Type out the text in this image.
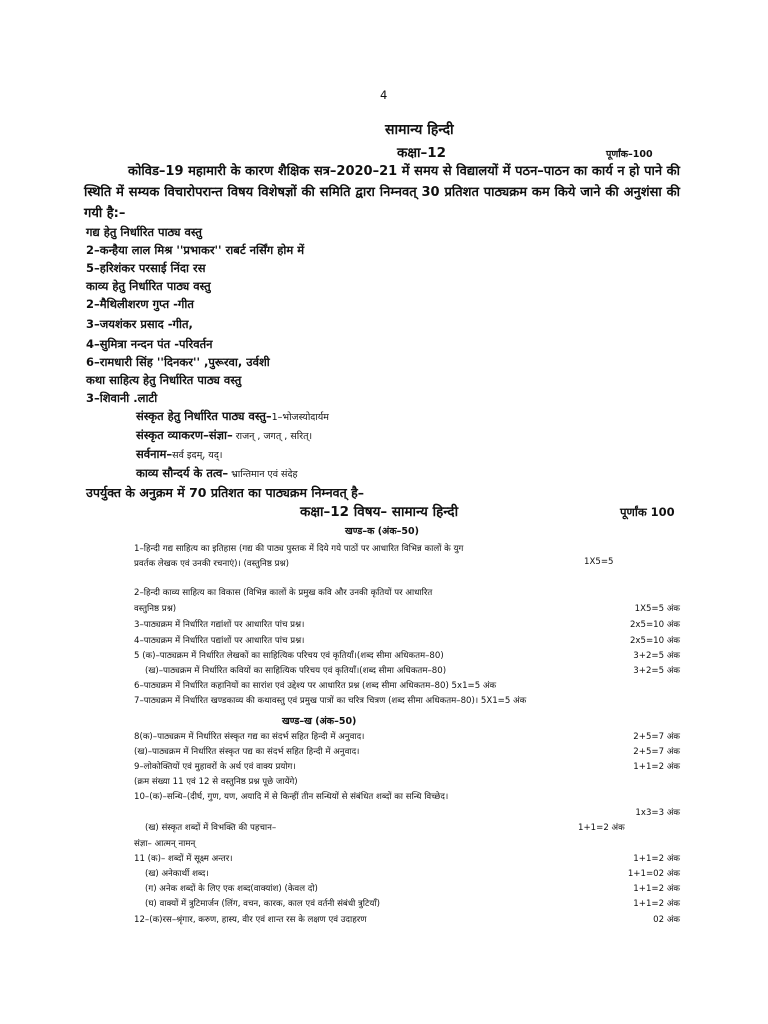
4
सामान्य हिन्दी
कक्षा–12	पूर्णांक–100
कोविड–19 महामारी के कारण शैक्षिक सत्र–2020–21 में समय से विद्यालयों में पठन–पाठन का कार्य न हो पाने की स्थिति में सम्यक विचारोपरान्त विषय विशेषज्ञों की समिति द्वारा निम्नवत् 30 प्रतिशत पाठ्यक्रम कम किये जाने की अनुशंसा की गयी है:–
गद्य हेतु निर्धारित पाठ्य वस्तु
2–कन्हैया लाल मिश्र ''प्रभाकर'' राबर्ट नर्सिंग होम में
5–हरिशंकर परसाई निंदा रस
काव्य हेतु निर्धारित पाठ्य वस्तु
2–मैथिलीशरण गुप्त -गीत
3–जयशंकर प्रसाद -गीत,
4–सुमित्रा नन्दन पंत -परिवर्तन
6–रामधारी सिंह ''दिनकर'' ,पुरूरवा, उर्वशी
कथा साहित्य हेतु निर्धारित पाठ्य वस्तु
3–शिवानी .लाटी
संस्कृत हेतु निर्धारित पाठ्य वस्तु–1–भोजस्योदार्यम
संस्कृत व्याकरण–संज्ञा– राजन् , जगत् , सरित्।
सर्वनाम–सर्व इदम्, यद्।
काव्य सौन्दर्य के तत्व– भ्रान्तिमान एवं संदेह
उपर्युक्त के अनुक्रम में 70 प्रतिशत का पाठ्यक्रम निम्नवत् है–
कक्षा–12 विषय– सामान्य हिन्दी	पूर्णांक 100
खण्ड–क (अंक–50)
1–हिन्दी गद्य साहित्य का इतिहास (गद्य की पाठ्य पुस्तक में दिये गये पाठों पर आधारित विभिन्न कालों के युग
प्रवर्तक लेखक एवं उनकी रचनाएं)। (वस्तुनिष्ठ प्रश्न)	1X5=5
2–हिन्दी काव्य साहित्य का विकास (विभिन्न कालों के प्रमुख कवि और उनकी कृतियों पर आधारित
वस्तुनिष्ठ प्रश्न)	1X5=5 अंक
3–पाठ्यक्रम में निर्धारित गद्यांशों पर आधारित पांच प्रश्न।	2x5=10 अंक
4–पाठ्यक्रम में निर्धारित पद्यांशों पर आधारित पांच प्रश्न।	2x5=10 अंक
5 (क)–पाठ्यक्रम में निर्धारित लेखकों का साहित्यिक परिचय एवं कृतियाँ।(शब्द सीमा अधिकतम–80)	3+2=5 अंक
(ख)–पाठ्यक्रम में निर्धारित कवियों का साहित्यिक परिचय एवं कृतियाँ।(शब्द सीमा अधिकतम–80)	3+2=5 अंक
6–पाठ्यक्रम में निर्धारित कहानियों का सारांश एवं उद्देश्य पर आधारित प्रश्न (शब्द सीमा अधिकतम–80) 5x1=5 अंक
7–पाठ्यक्रम में निर्धारित खण्डकाव्य की कथावस्तु एवं प्रमुख पात्रों का चरित्र चित्रण (शब्द सीमा अधिकतम–80)। 5X1=5 अंक
खण्ड–ख (अंक–50)
8(क)–पाठ्यक्रम में निर्धारित संस्कृत गद्य का संदर्भ सहित हिन्दी में अनुवाद।	2+5=7 अंक
(ख)–पाठ्यक्रम में निर्धारित संस्कृत पद्य का संदर्भ सहित हिन्दी में अनुवाद।	2+5=7 अंक
9–लोकोक्तियों एवं मुहावरों के अर्थ एवं वाक्य प्रयोग।	1+1=2 अंक
(क्रम संख्या 11 एवं 12 से वस्तुनिष्ठ प्रश्न पूछे जायेंगे)
10–(क)–सन्धि–(दीर्घ, गुण, यण, अयादि में से किन्हीं तीन सन्धियों से संबंधित शब्दों का सन्धि विच्छेद।
1x3=3 अंक
(ख) संस्कृत शब्दों में विभक्ति की पहचान–	1+1=2 अंक
संज्ञा– आत्मन् नामन्
11 (क)– शब्दों में सूक्ष्म अन्तर।	1+1=2 अंक
(ख) अनेकार्थी शब्द।	1+1=02 अंक
(ग) अनेक शब्दों के लिए एक शब्द(वाक्यांश) (केवल दो)	1+1=2 अंक
(घ) वाक्यों में त्रुटिमार्जन (लिंग, वचन, कारक, काल एवं वर्तनी संबंधी त्रुटियाँ)	1+1=2 अंक
12–(क)रस–श्रृंगार, करुण, हास्य, वीर एवं शान्त रस के लक्षण एवं उदाहरण	02 अंक
